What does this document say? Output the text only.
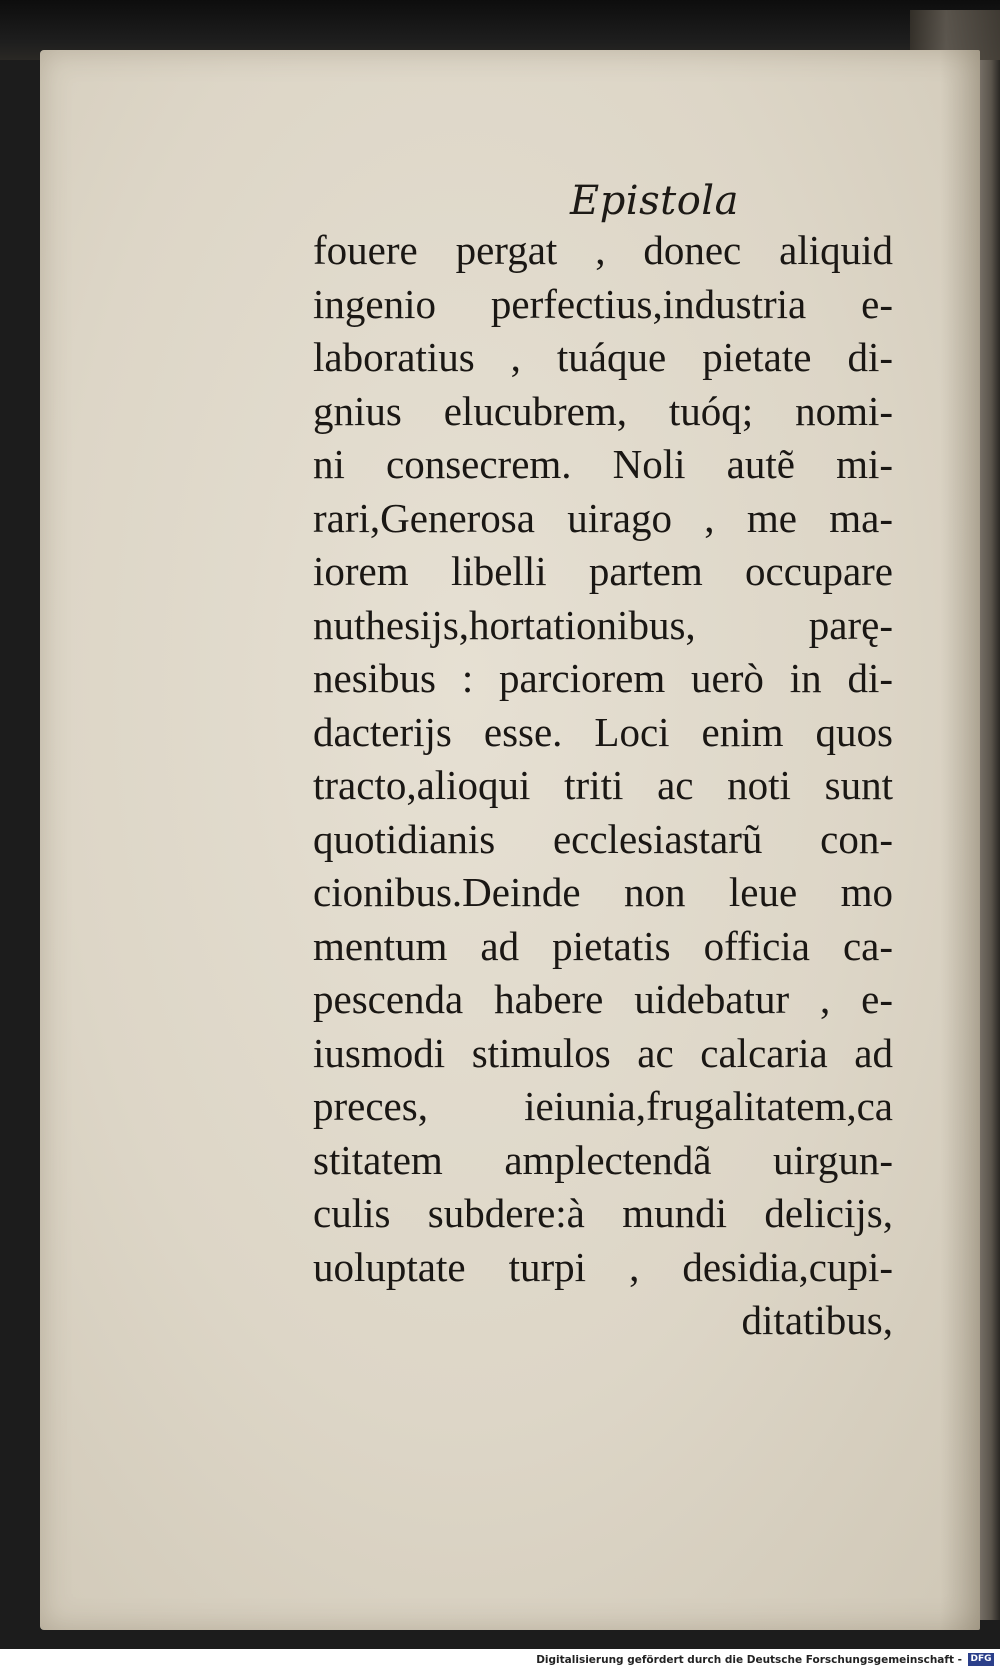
Epistola
fouere pergat , donec aliquid
ingenio perfectius,industria e-
laboratius , tuáque pietate di-
gnius elucubrem, tuóq; nomi-
ni consecrem. Noli autẽ mi-
rari,Generosa uirago , me ma-
iorem libelli partem occupare
nuthesijs,hortationibus, parę-
nesibus : parciorem uerò in di-
dacterijs esse. Loci enim quos
tracto,alioqui triti ac noti sunt
quotidianis ecclesiastarũ con-
cionibus.Deinde non leue mo
mentum ad pietatis officia ca-
pescenda habere uidebatur , e-
iusmodi stimulos ac calcaria ad
preces, ieiunia,frugalitatem,ca
stitatem amplectendã uirgun-
culis subdere:à mundi delicijs,
uoluptate turpi , desidia,cupi-
ditatibus,
Digitalisierung gefördert durch die Deutsche Forschungsgemeinschaft - DFG
